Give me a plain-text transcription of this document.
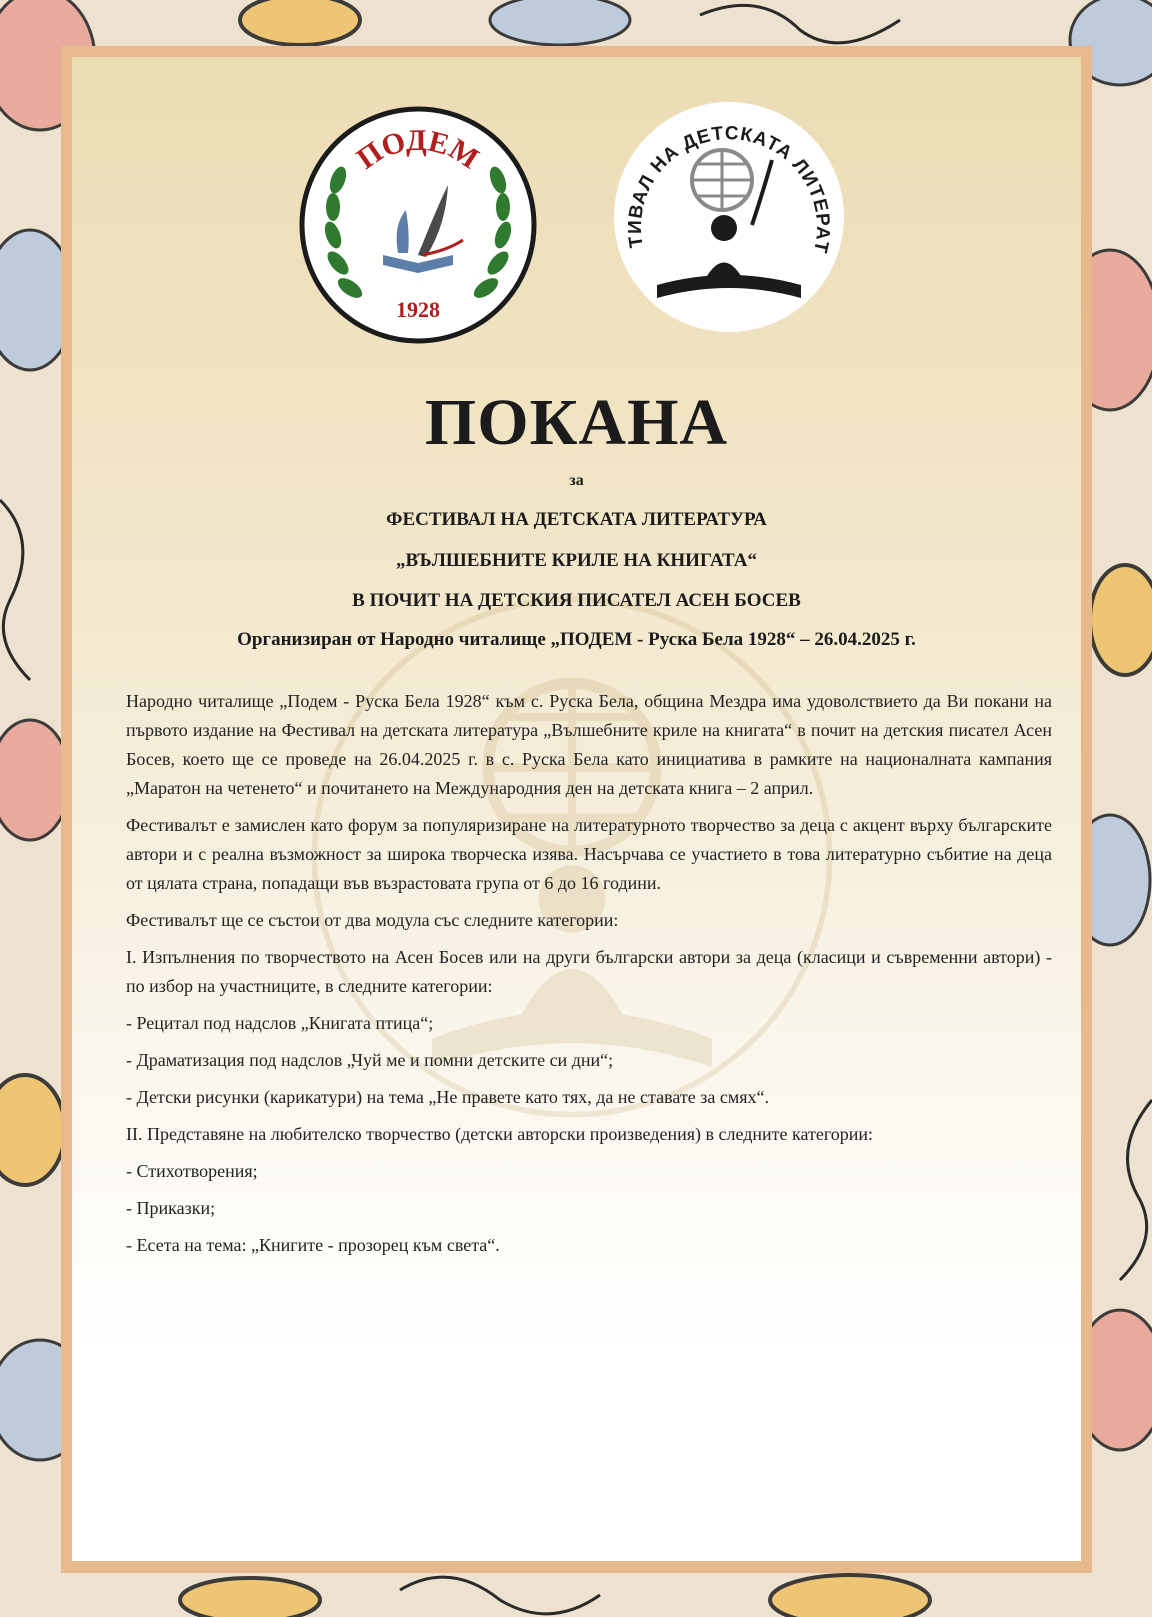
ПОДЕМ
1928
ТИВАЛ НА ДЕТСКАТА ЛИТЕРАТ
ПОКАНА
за
ФЕСТИВАЛ НА ДЕТСКАТА ЛИТЕРАТУРА
„ВЪЛШЕБНИТЕ КРИЛЕ НА КНИГАТА“
В ПОЧИТ НА ДЕТСКИЯ ПИСАТЕЛ АСЕН БОСЕВ
Организиран от Народно читалище „ПОДЕМ - Руска Бела 1928“ – 26.04.2025 г.

Народно читалище „Подем - Руска Бела 1928“ към с. Руска Бела, община Мездра има удоволствието да Ви покани на първото издание на Фестивал на детската литература „Вълшебните криле на книгата“ в почит на детския писател Асен Босев, което ще се проведе на 26.04.2025 г. в с. Руска Бела като инициатива в рамките на националната кампания „Маратон на четенето“ и почитането на Международния ден на детската книга – 2 април.

Фестивалът е замислен като форум за популяризиране на литературното творчество за деца с акцент върху българските автори и с реална възможност за широка творческа изява. Насърчава се участието в това литературно събитие на деца от цялата страна, попадащи във възрастовата група от 6 до 16 години.

Фестивалът ще се състои от два модула със следните категории:

I. Изпълнения по творчеството на Асен Босев или на други български автори за деца (класици и съвременни автори) - по избор на участниците, в следните категории:

- Рецитал под надслов „Книгата птица“;

- Драматизация под надслов „Чуй ме и помни детските си дни“;

- Детски рисунки (карикатури) на тема „Не правете като тях, да не ставате за смях“.

II. Представяне на любителско творчество (детски авторски произведения) в следните категории:

- Стихотворения;

- Приказки;

- Есета на тема: „Книгите - прозорец към света“.
